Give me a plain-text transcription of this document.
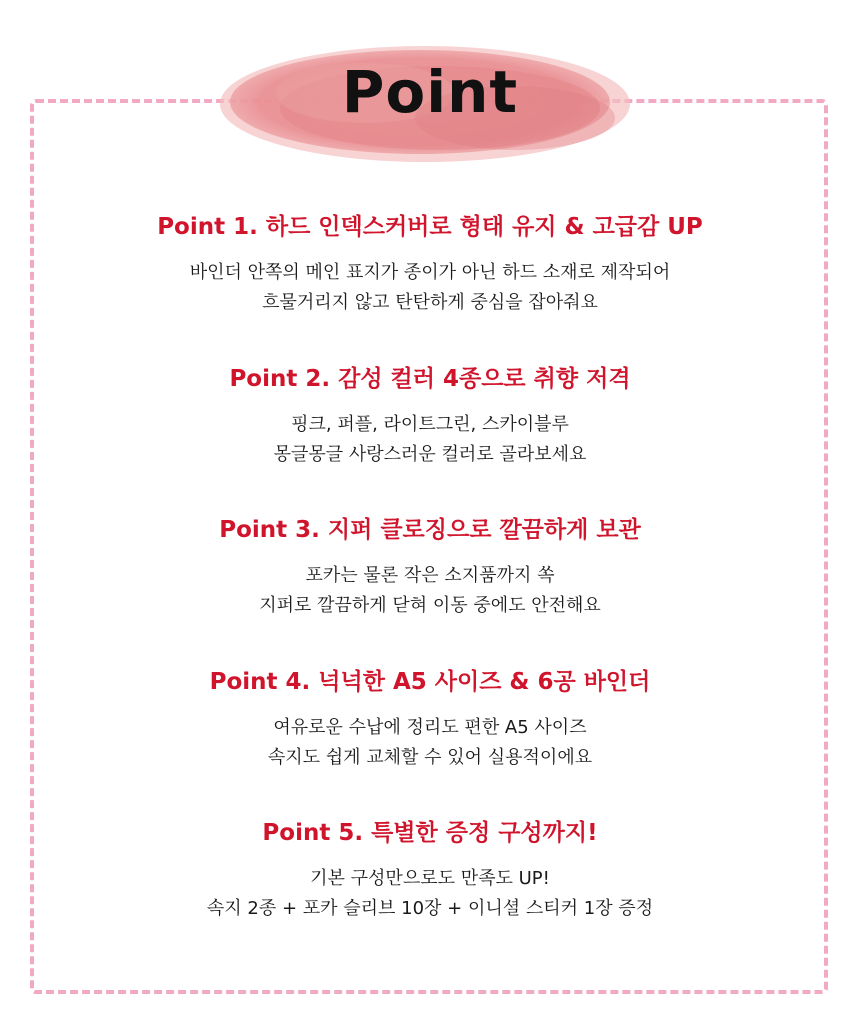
Point
Point 1. 하드 인덱스커버로 형태 유지 & 고급감 UP

바인더 안쪽의 메인 표지가 종이가 아닌 하드 소재로 제작되어
흐물거리지 않고 탄탄하게 중심을 잡아줘요

Point 2. 감성 컬러 4종으로 취향 저격

핑크, 퍼플, 라이트그린, 스카이블루
몽글몽글 사랑스러운 컬러로 골라보세요

Point 3. 지퍼 클로징으로 깔끔하게 보관

포카는 물론 작은 소지품까지 쏙
지퍼로 깔끔하게 닫혀 이동 중에도 안전해요

Point 4. 넉넉한 A5 사이즈 & 6공 바인더

여유로운 수납에 정리도 편한 A5 사이즈
속지도 쉽게 교체할 수 있어 실용적이에요

Point 5. 특별한 증정 구성까지!

기본 구성만으로도 만족도 UP!
속지 2종 + 포카 슬리브 10장 + 이니셜 스티커 1장 증정
